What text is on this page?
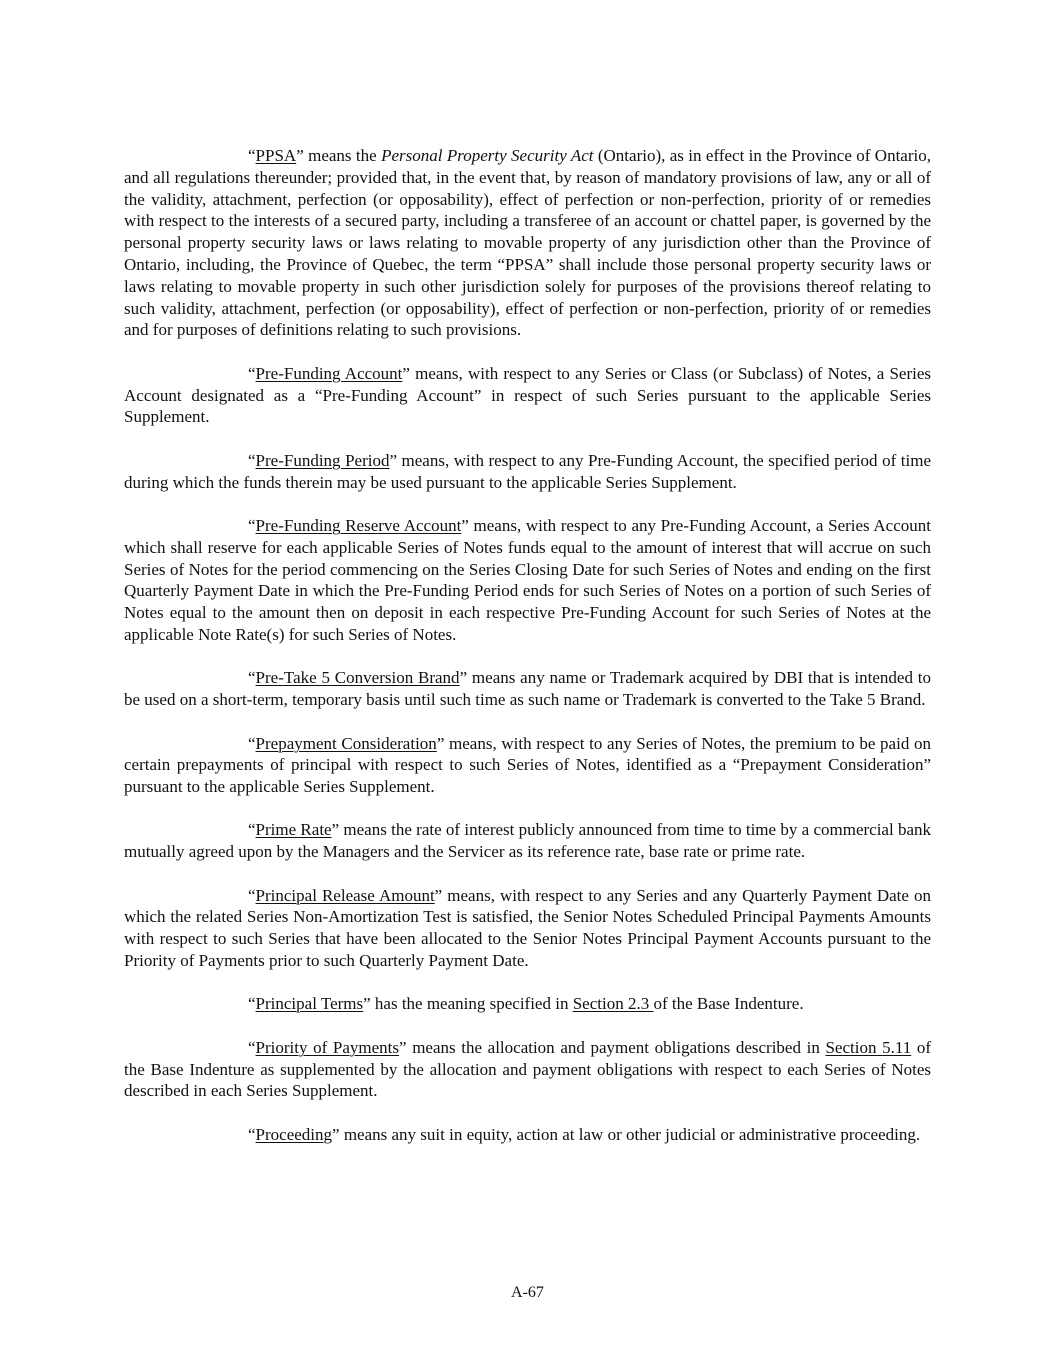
“PPSA” means the Personal Property Security Act (Ontario), as in effect in the Province of Ontario, and all regulations thereunder; provided that, in the event that, by reason of mandatory provisions of law, any or all of the validity, attachment, perfection (or opposability), effect of perfection or non-perfection, priority of or remedies with respect to the interests of a secured party, including a transferee of an account or chattel paper, is governed by the personal property security laws or laws relating to movable property of any jurisdiction other than the Province of Ontario, including, the Province of Quebec, the term “PPSA” shall include those personal property security laws or laws relating to movable property in such other jurisdiction solely for purposes of the provisions thereof relating to such validity, attachment, perfection (or opposability), effect of perfection or non-perfection, priority of or remedies and for purposes of definitions relating to such provisions.

“Pre-Funding Account” means, with respect to any Series or Class (or Subclass) of Notes, a Series Account designated as a “Pre-Funding Account” in respect of such Series pursuant to the applicable Series Supplement.

“Pre-Funding Period” means, with respect to any Pre-Funding Account, the specified period of time during which the funds therein may be used pursuant to the applicable Series Supplement.

“Pre-Funding Reserve Account” means, with respect to any Pre-Funding Account, a Series Account which shall reserve for each applicable Series of Notes funds equal to the amount of interest that will accrue on such Series of Notes for the period commencing on the Series Closing Date for such Series of Notes and ending on the first Quarterly Payment Date in which the Pre-Funding Period ends for such Series of Notes on a portion of such Series of Notes equal to the amount then on deposit in each respective Pre-Funding Account for such Series of Notes at the applicable Note Rate(s) for such Series of Notes.

“Pre-Take 5 Conversion Brand” means any name or Trademark acquired by DBI that is intended to be used on a short-term, temporary basis until such time as such name or Trademark is converted to the Take 5 Brand.

“Prepayment Consideration” means, with respect to any Series of Notes, the premium to be paid on certain prepayments of principal with respect to such Series of Notes, identified as a “Prepayment Consideration” pursuant to the applicable Series Supplement.

“Prime Rate” means the rate of interest publicly announced from time to time by a commercial bank mutually agreed upon by the Managers and the Servicer as its reference rate, base rate or prime rate.

“Principal Release Amount” means, with respect to any Series and any Quarterly Payment Date on which the related Series Non-Amortization Test is satisfied, the Senior Notes Scheduled Principal Payments Amounts with respect to such Series that have been allocated to the Senior Notes Principal Payment Accounts pursuant to the Priority of Payments prior to such Quarterly Payment Date.

“Principal Terms” has the meaning specified in Section 2.3 of the Base Indenture.

“Priority of Payments” means the allocation and payment obligations described in Section 5.11 of the Base Indenture as supplemented by the allocation and payment obligations with respect to each Series of Notes described in each Series Supplement.

“Proceeding” means any suit in equity, action at law or other judicial or administrative proceeding.

A-67
